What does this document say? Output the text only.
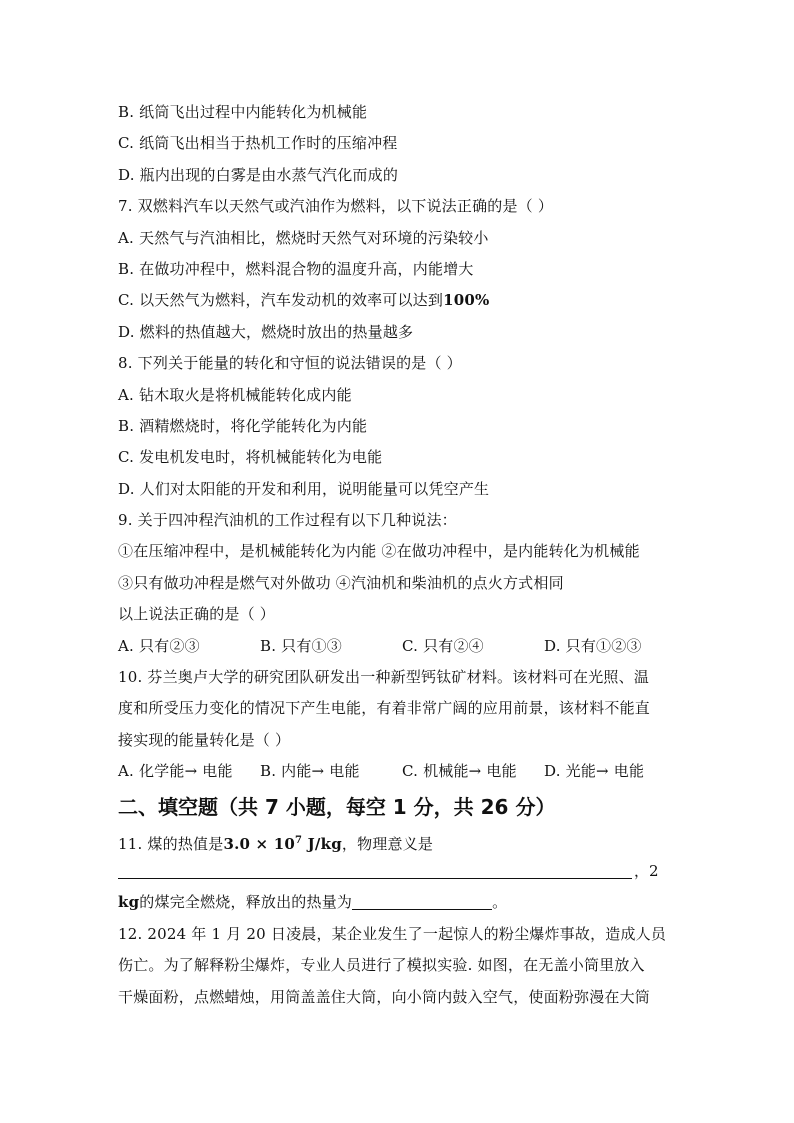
B. 纸筒飞出过程中内能转化为机械能
C. 纸筒飞出相当于热机工作时的压缩冲程
D. 瓶内出现的白雾是由水蒸气汽化而成的
7. 双燃料汽车以天然气或汽油作为燃料，以下说法正确的是（ ）
A. 天然气与汽油相比，燃烧时天然气对环境的污染较小
B. 在做功冲程中，燃料混合物的温度升高，内能增大
C. 以天然气为燃料，汽车发动机的效率可以达到100%
D. 燃料的热值越大，燃烧时放出的热量越多
8. 下列关于能量的转化和守恒的说法错误的是（ ）
A. 钻木取火是将机械能转化成内能
B. 酒精燃烧时，将化学能转化为内能
C. 发电机发电时，将机械能转化为电能
D. 人们对太阳能的开发和利用，说明能量可以凭空产生
9. 关于四冲程汽油机的工作过程有以下几种说法：
①在压缩冲程中，是机械能转化为内能 ②在做功冲程中，是内能转化为机械能
③只有做功冲程是燃气对外做功 ④汽油机和柴油机的点火方式相同
以上说法正确的是（ ）
A. 只有②③	B. 只有①③	C. 只有②④	D. 只有①②③
10. 芬兰奥卢大学的研究团队研发出一种新型钙钛矿材料。该材料可在光照、温
度和所受压力变化的情况下产生电能，有着非常广阔的应用前景，该材料不能直
接实现的能量转化是（ ）
A. 化学能→ 电能	B. 内能→ 电能	C. 机械能→ 电能	D. 光能→ 电能
二、填空题（共 7 小题，每空 1 分，共 26 分）
11. 煤的热值是$3.0 \times 10^7$ J/kg，物理意义是
，2
kg的煤完全燃烧，释放出的热量为	。
12. 2024 年 1 月 20 日凌晨，某企业发生了一起惊人的粉尘爆炸事故，造成人员
伤亡。为了解释粉尘爆炸，专业人员进行了模拟实验. 如图，在无盖小筒里放入
干燥面粉，点燃蜡烛，用筒盖盖住大筒，向小筒内鼓入空气，使面粉弥漫在大筒
